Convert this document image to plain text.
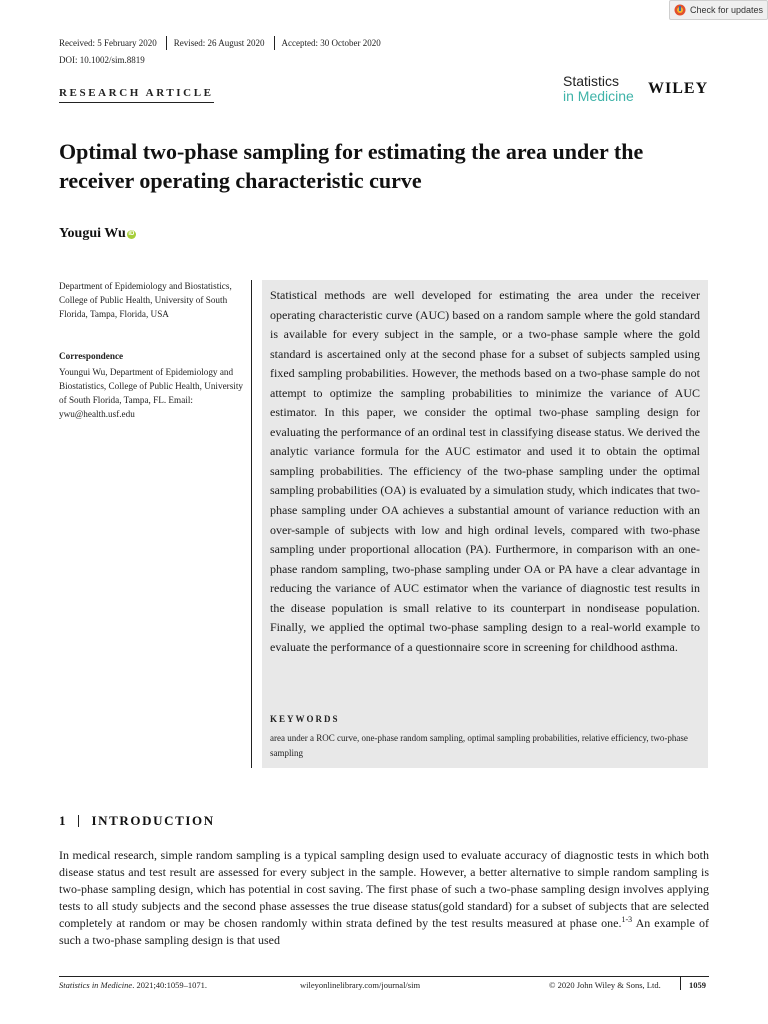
Check for updates
Received: 5 February 2020 Revised: 26 August 2020 Accepted: 30 October 2020
DOI: 10.1002/sim.8819
RESEARCH ARTICLE
Statistics
in Medicine WILEY
Optimal two-phase sampling for estimating the area under the receiver operating characteristic curve
Yougui Wu iD
Department of Epidemiology and Biostatistics, College of Public Health, University of South Florida, Tampa, Florida, USA
Correspondence
Youngui Wu, Department of Epidemiology and Biostatistics, College of Public Health, University of South Florida, Tampa, FL. Email: ywu@health.usf.edu
Statistical methods are well developed for estimating the area under the receiver operating characteristic curve (AUC) based on a random sample where the gold standard is available for every subject in the sample, or a two-phase sample where the gold standard is ascertained only at the second phase for a subset of subjects sampled using fixed sampling probabilities. However, the methods based on a two-phase sample do not attempt to optimize the sampling probabilities to minimize the variance of AUC estimator. In this paper, we consider the optimal two-phase sampling design for evaluating the performance of an ordinal test in classifying disease status. We derived the analytic variance formula for the AUC estimator and used it to obtain the optimal sampling probabilities. The efficiency of the two-phase sampling under the optimal sampling probabilities (OA) is evaluated by a simulation study, which indicates that two-phase sampling under OA achieves a substantial amount of variance reduction with an over-sample of subjects with low and high ordinal levels, compared with two-phase sampling under proportional allocation (PA). Furthermore, in comparison with an one-phase random sampling, two-phase sampling under OA or PA have a clear advantage in reducing the variance of AUC estimator when the variance of diagnostic test results in the disease population is small relative to its counterpart in nondisease population. Finally, we applied the optimal two-phase sampling design to a real-world example to evaluate the performance of a questionnaire score in screening for childhood asthma.
KEYWORDS
area under a ROC curve, one-phase random sampling, optimal sampling probabilities, relative efficiency, two-phase sampling
1 INTRODUCTION
In medical research, simple random sampling is a typical sampling design used to evaluate accuracy of diagnostic tests in which both disease status and test result are assessed for every subject in the sample. However, a better alternative to simple random sampling is two-phase sampling design, which has potential in cost saving. The first phase of such a two-phase sampling design involves applying tests to all study subjects and the second phase assesses the true disease status(gold standard) for a subset of subjects that are selected completely at random or may be chosen randomly within strata defined by the test results measured at phase one.$^{1-3}$ An example of such a two-phase sampling design is that used
Statistics in Medicine. 2021;40:1059–1071.	wileyonlinelibrary.com/journal/sim	© 2020 John Wiley & Sons, Ltd.	1059
